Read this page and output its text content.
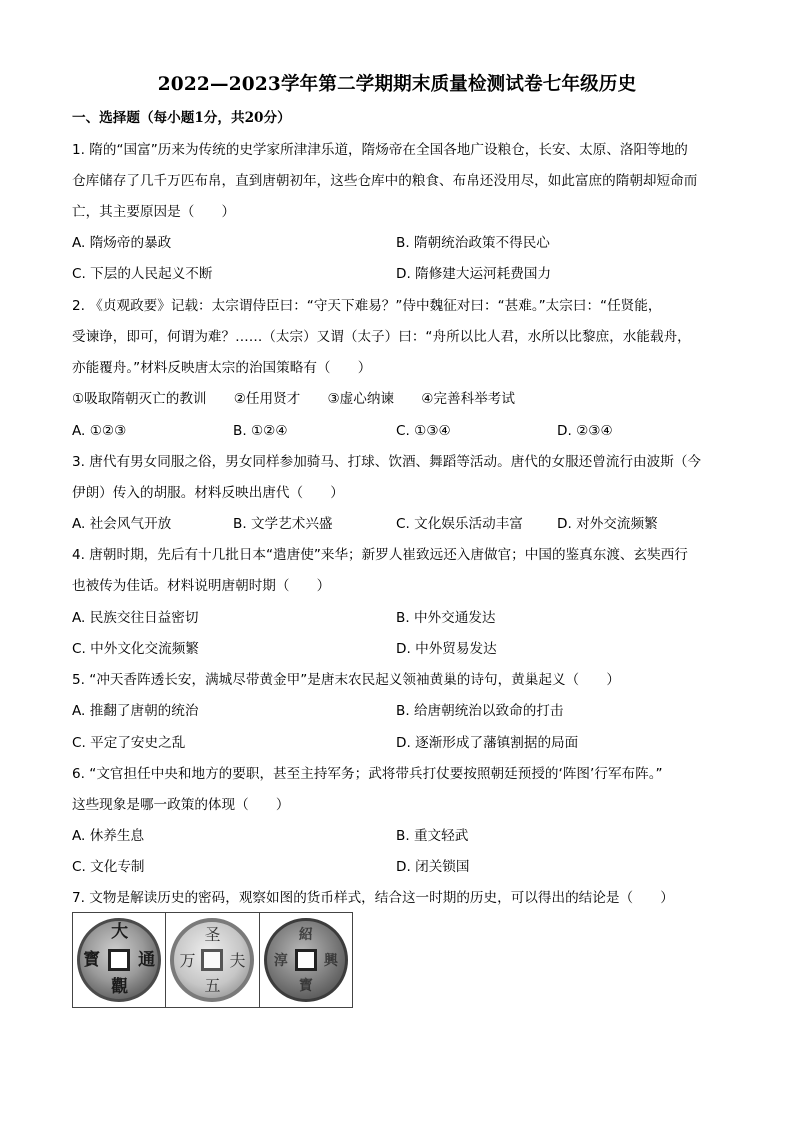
2022—2023学年第二学期期末质量检测试卷七年级历史
一、选择题（每小题1分，共20分）
1. 隋的“国富”历来为传统的史学家所津津乐道，隋炀帝在全国各地广设粮仓，长安、太原、洛阳等地的
仓库储存了几千万匹布帛，直到唐朝初年，这些仓库中的粮食、布帛还没用尽，如此富庶的隋朝却短命而
亡，其主要原因是（　　）
A. 隋炀帝的暴政	B. 隋朝统治政策不得民心
C. 下层的人民起义不断	D. 隋修建大运河耗费国力
2. 《贞观政要》记载：太宗谓侍臣曰：“守天下难易？”侍中魏征对曰：“甚难。”太宗曰：“任贤能，
受谏诤，即可，何谓为难？……（太宗）又谓（太子）曰：“舟所以比人君，水所以比黎庶，水能载舟，
亦能覆舟。”材料反映唐太宗的治国策略有（　　）
①吸取隋朝灭亡的教训　　②任用贤才　　③虚心纳谏　　④完善科举考试
A. ①②③	B. ①②④	C. ①③④	D. ②③④
3. 唐代有男女同服之俗，男女同样参加骑马、打球、饮酒、舞蹈等活动。唐代的女服还曾流行由波斯（今
伊朗）传入的胡服。材料反映出唐代（　　）
A. 社会风气开放	B. 文学艺术兴盛	C. 文化娱乐活动丰富	D. 对外交流频繁
4. 唐朝时期，先后有十几批日本“遣唐使”来华；新罗人崔致远还入唐做官；中国的鉴真东渡、玄奘西行
也被传为佳话。材料说明唐朝时期（　　）
A. 民族交往日益密切	B. 中外交通发达
C. 中外文化交流频繁	D. 中外贸易发达
5. “冲天香阵透长安，满城尽带黄金甲”是唐末农民起义领袖黄巢的诗句，黄巢起义（　　）
A. 推翻了唐朝的统治	B. 给唐朝统治以致命的打击
C. 平定了安史之乱	D. 逐渐形成了藩镇割据的局面
6. “文官担任中央和地方的要职，甚至主持军务；武将带兵打仗要按照朝廷预授的‘阵图’行军布阵。”
这些现象是哪一政策的体现（　　）
A. 休养生息	B. 重文轻武
C. 文化专制	D. 闭关锁国
7. 文物是解读历史的密码，观察如图的货币样式，结合这一时期的历史，可以得出的结论是（　　）
大
寳 通
觀
圣
万 夫
五
紹
淳	興
寳
